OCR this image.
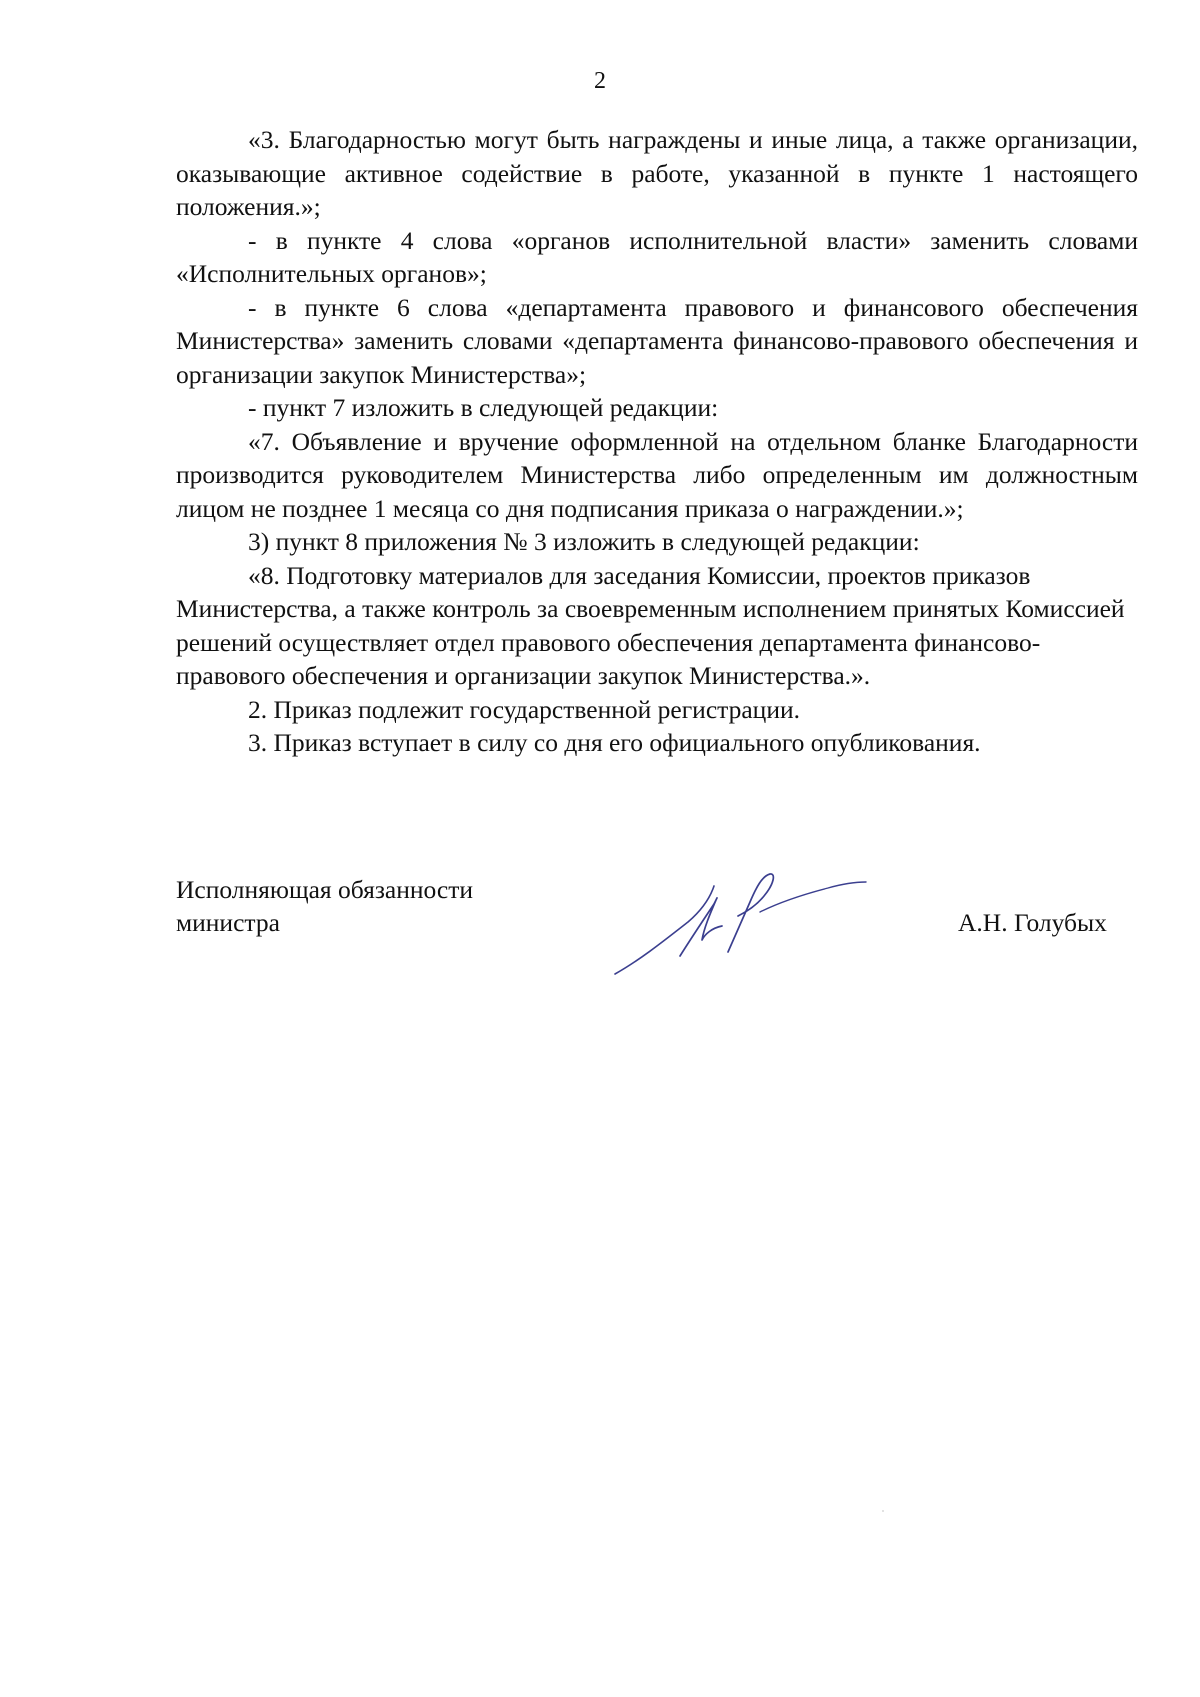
2

«3. Благодарностью могут быть награждены и иные лица, а также организации, оказывающие активное содействие в работе, указанной в пункте 1 настоящего положения.»;

- в пункте 4 слова «органов исполнительной власти» заменить словами «Исполнительных органов»;

- в пункте 6 слова «департамента правового и финансового обеспечения Министерства» заменить словами «департамента финансово-правового обеспечения и организации закупок Министерства»;

- пункт 7 изложить в следующей редакции:

«7. Объявление и вручение оформленной на отдельном бланке Благодарности производится руководителем Министерства либо определенным им должностным лицом не позднее 1 месяца со дня подписания приказа о награждении.»;

3) пункт 8 приложения № 3 изложить в следующей редакции:

«8. Подготовку материалов для заседания Комиссии, проектов приказов Министерства, а также контроль за своевременным исполнением принятых Комиссией решений осуществляет отдел правового обеспечения департамента финансово-правового обеспечения и организации закупок Министерства.».

2. Приказ подлежит государственной регистрации.

3. Приказ вступает в силу со дня его официального опубликования.

Исполняющая обязанности
министра	А.Н. Голубых
